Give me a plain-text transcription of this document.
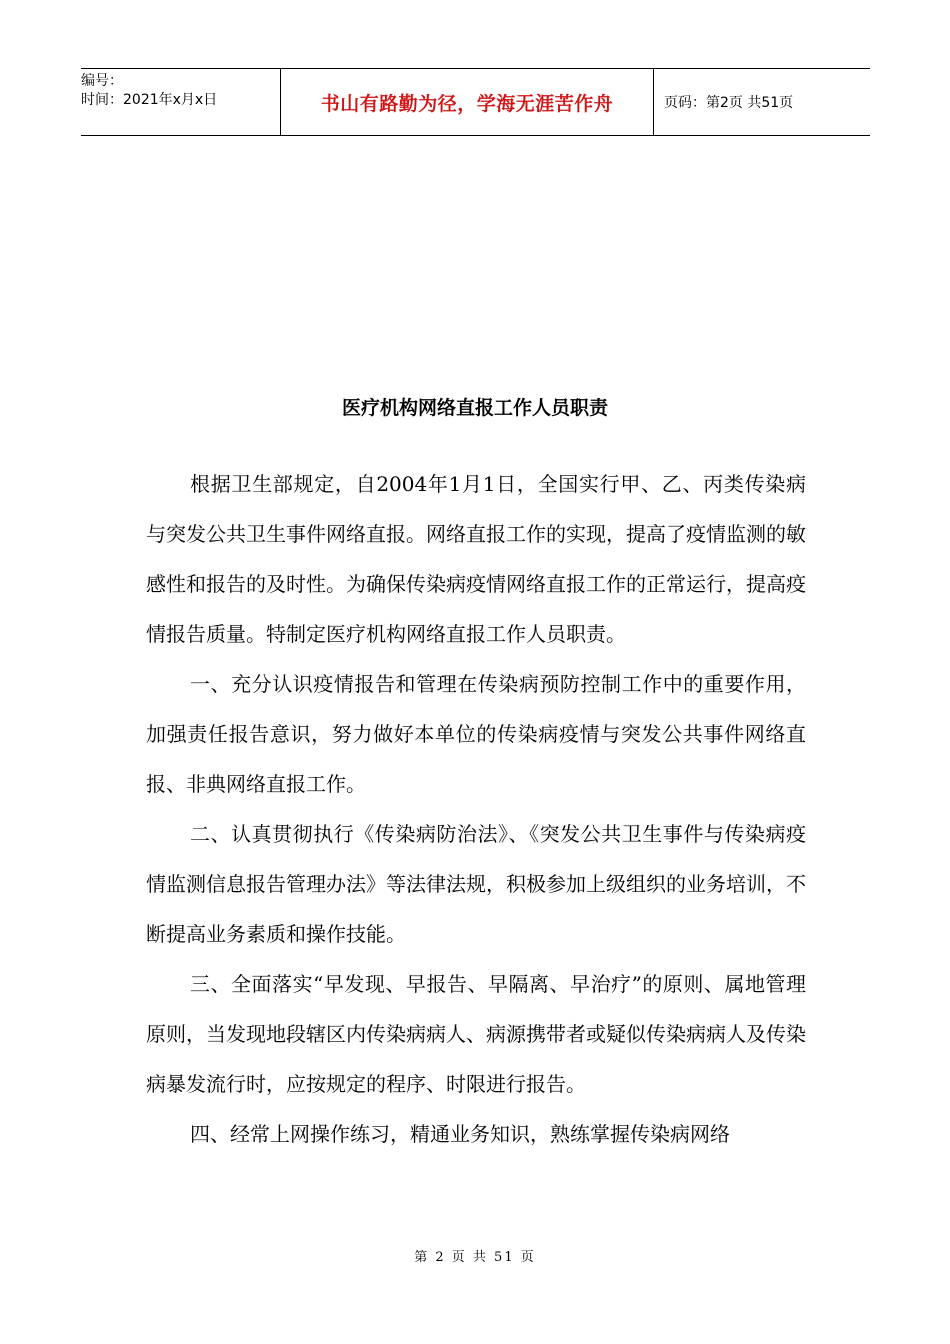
编号：
时间：2021年x月x日	书山有路勤为径，学海无涯苦作舟	页码：第2页 共51页
医疗机构网络直报工作人员职责

根据卫生部规定，自2004年1月1日，全国实行甲、乙、丙类传染病与突发公共卫生事件网络直报。网络直报工作的实现，提高了疫情监测的敏感性和报告的及时性。为确保传染病疫情网络直报工作的正常运行，提高疫情报告质量。特制定医疗机构网络直报工作人员职责。

一、充分认识疫情报告和管理在传染病预防控制工作中的重要作用，加强责任报告意识，努力做好本单位的传染病疫情与突发公共事件网络直报、非典网络直报工作。

二、认真贯彻执行《传染病防治法》、《突发公共卫生事件与传染病疫情监测信息报告管理办法》等法律法规，积极参加上级组织的业务培训，不断提高业务素质和操作技能。

三、全面落实“早发现、早报告、早隔离、早治疗”的原则、属地管理原则，当发现地段辖区内传染病病人、病源携带者或疑似传染病病人及传染病暴发流行时，应按规定的程序、时限进行报告。

四、经常上网操作练习，精通业务知识，熟练掌握传染病网络

第 2 页 共 51 页
